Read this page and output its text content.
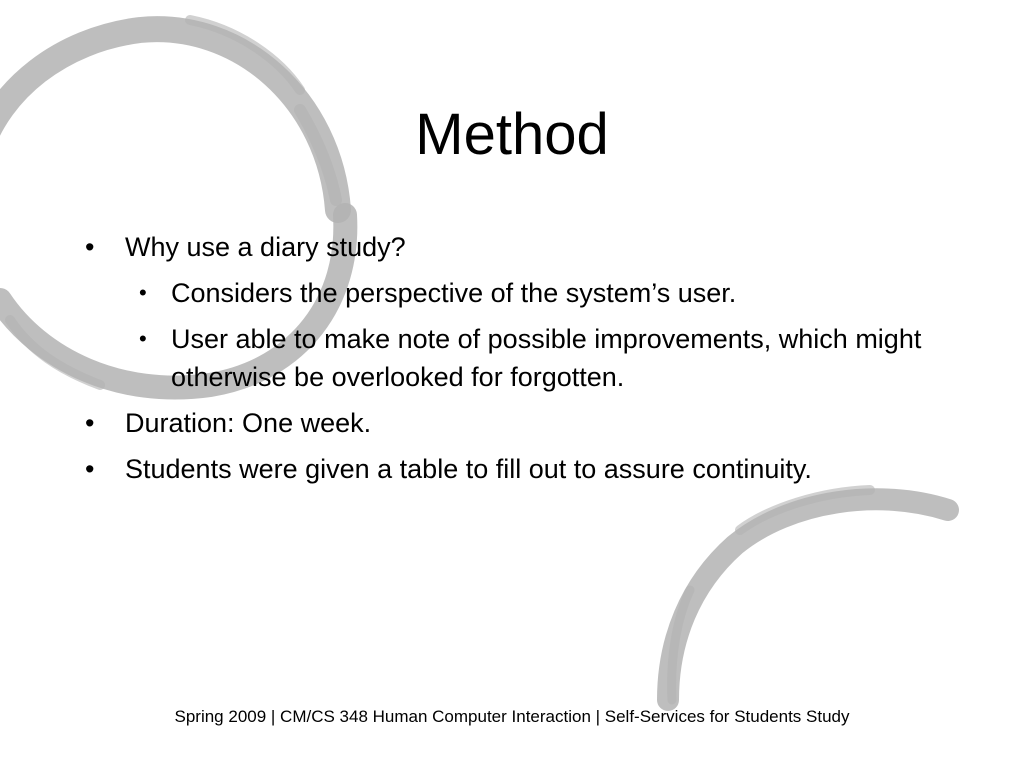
Method
• Why use a diary study?
• Considers the perspective of the system’s user.
• User able to make note of possible improvements, which might otherwise be overlooked for forgotten.
• Duration: One week.
• Students were given a table to fill out to assure continuity.
Spring 2009 | CM/CS 348 Human Computer Interaction | Self-Services for Students Study
